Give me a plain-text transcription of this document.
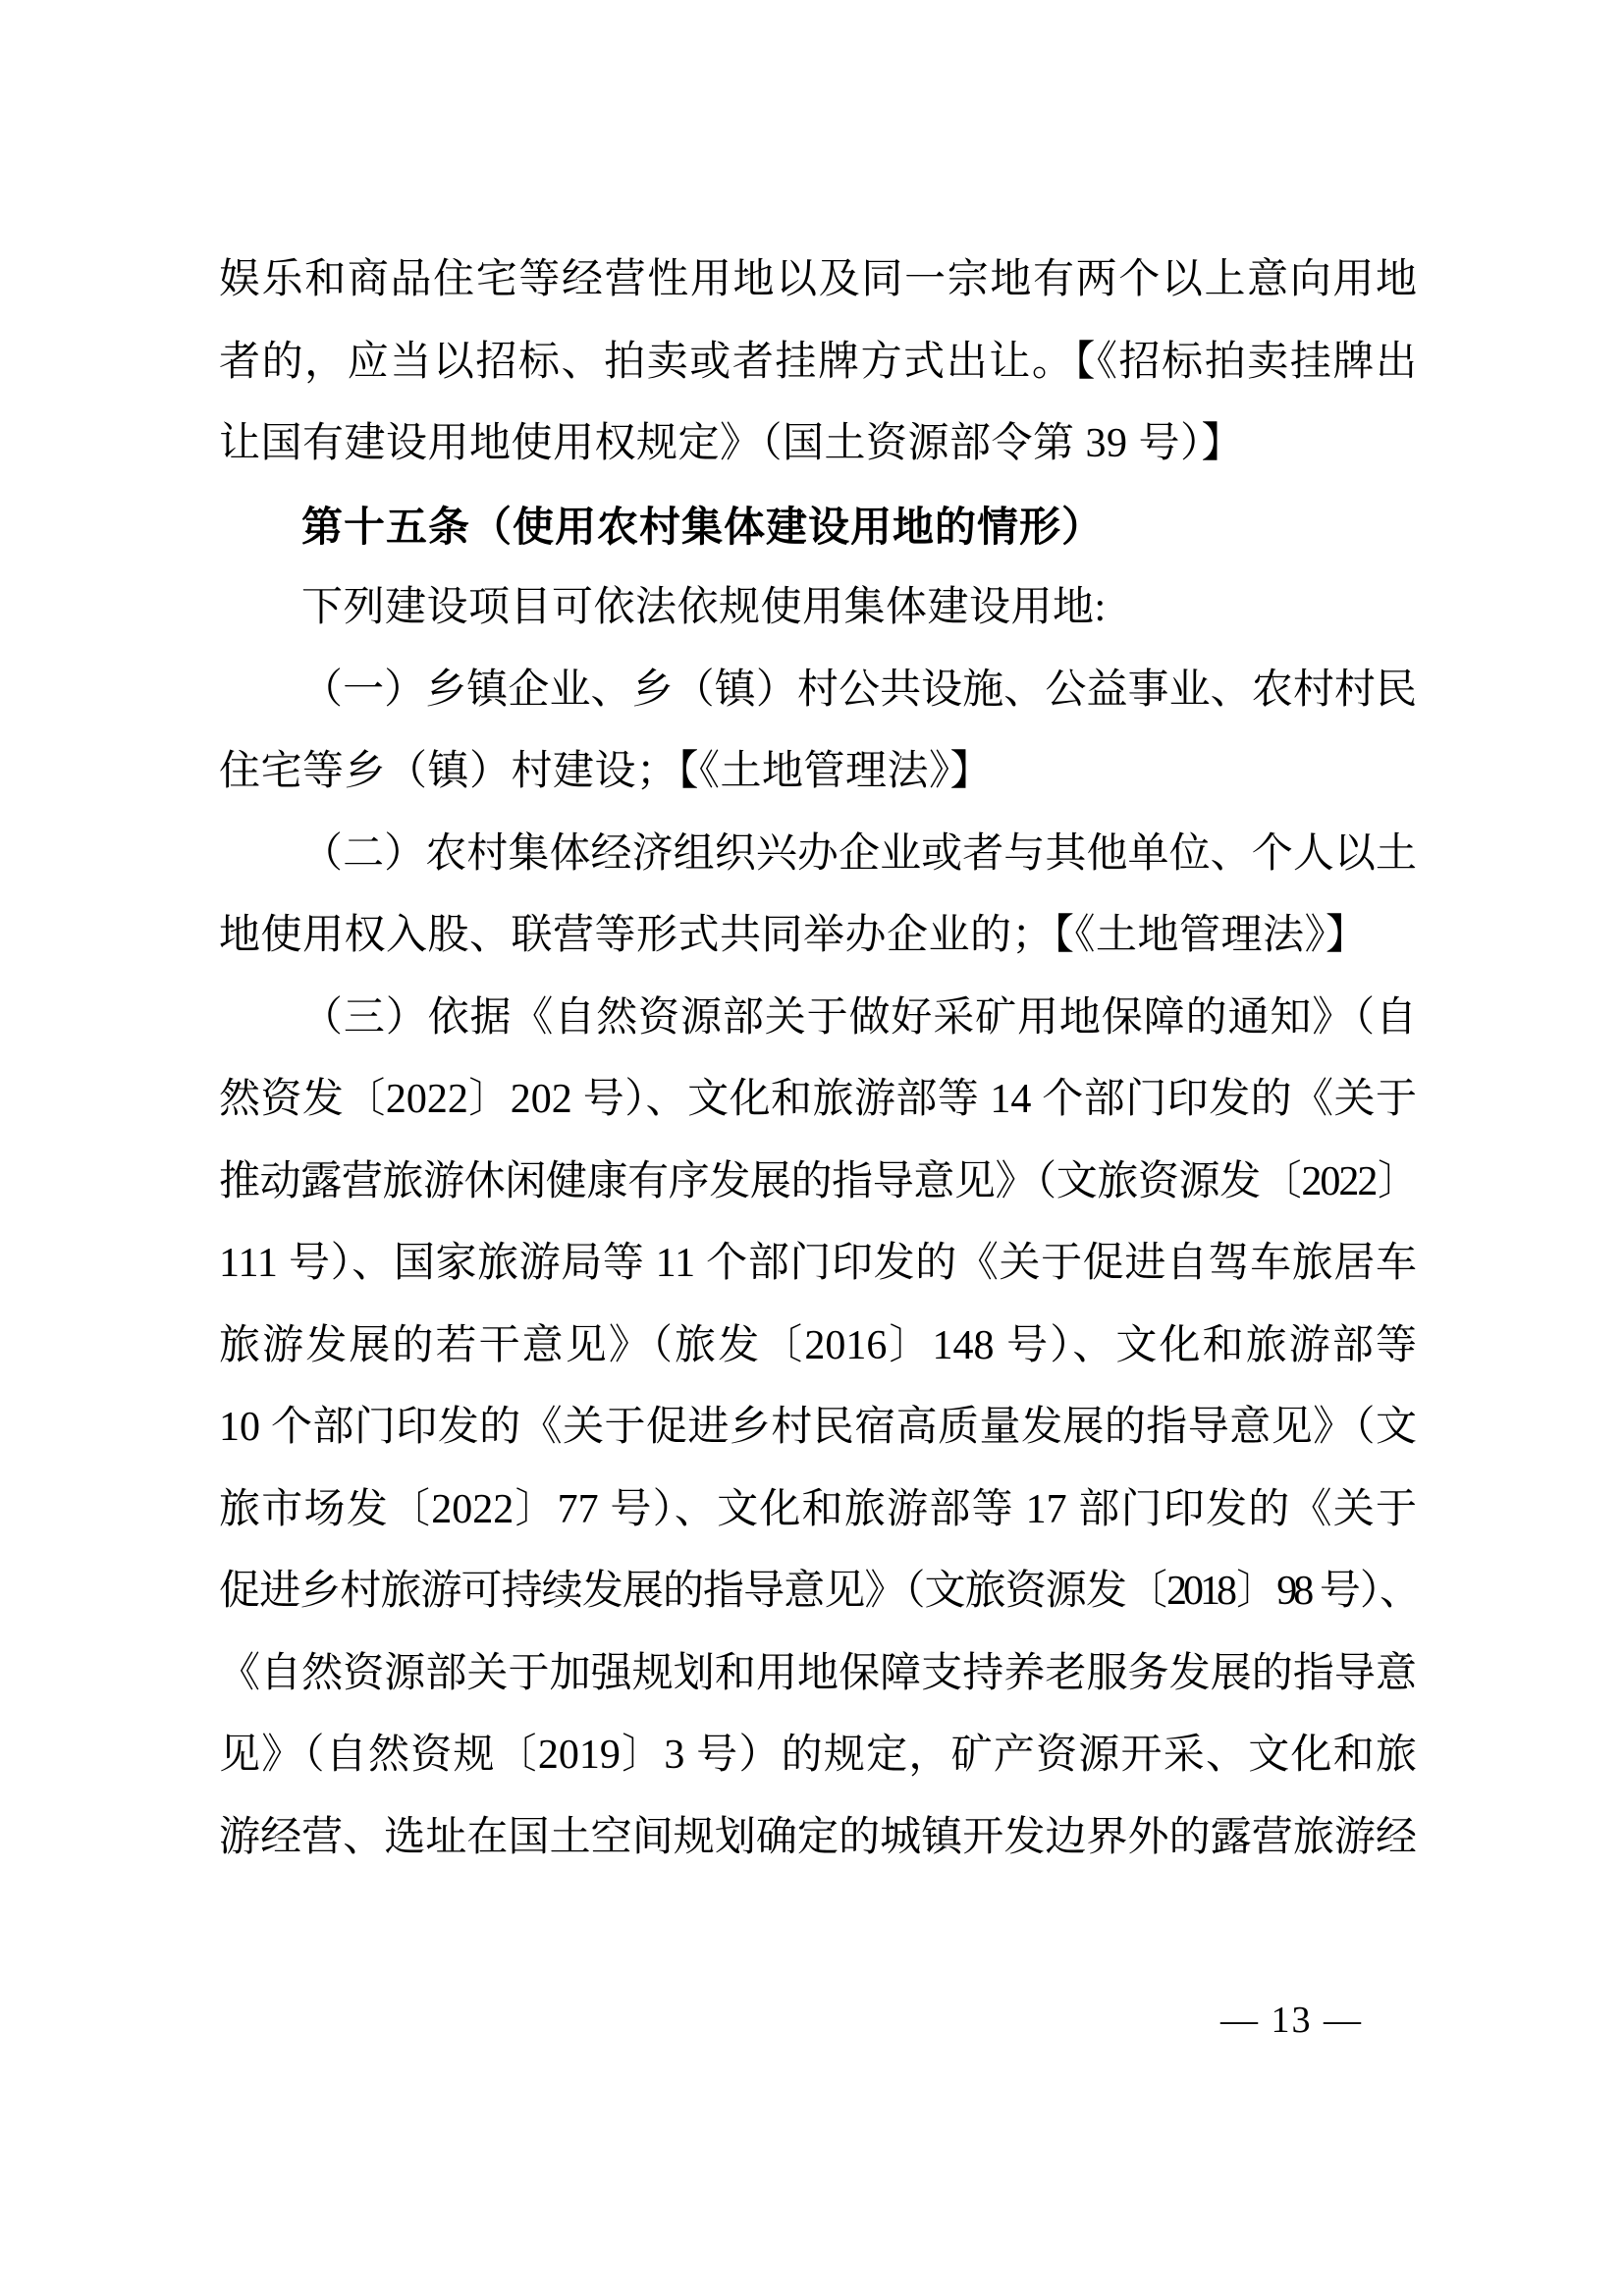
娱乐和商品住宅等经营性用地以及同一宗地有两个以上意向用地
者的，应当以招标、拍卖或者挂牌方式出让。【《招标拍卖挂牌出
让国有建设用地使用权规定》（国土资源部令第 39 号）】
第十五条（使用农村集体建设用地的情形）
下列建设项目可依法依规使用集体建设用地:
（一）乡镇企业、乡（镇）村公共设施、公益事业、农村村民
住宅等乡（镇）村建设；【《土地管理法》】
（二）农村集体经济组织兴办企业或者与其他单位、个人以土
地使用权入股、联营等形式共同举办企业的；【《土地管理法》】
（三）依据《自然资源部关于做好采矿用地保障的通知》（自
然资发〔2022〕202 号）、文化和旅游部等 14 个部门印发的《关于
推动露营旅游休闲健康有序发展的指导意见》（文旅资源发〔2022〕
111 号）、国家旅游局等 11 个部门印发的《关于促进自驾车旅居车
旅游发展的若干意见》（旅发〔2016〕148 号）、文化和旅游部等
10 个部门印发的《关于促进乡村民宿高质量发展的指导意见》（文
旅市场发〔2022〕77 号）、文化和旅游部等 17 部门印发的《关于
促进乡村旅游可持续发展的指导意见》（文旅资源发〔2018〕98 号）、
《自然资源部关于加强规划和用地保障支持养老服务发展的指导意
见》（自然资规〔2019〕3 号）的规定，矿产资源开采、文化和旅
游经营、选址在国土空间规划确定的城镇开发边界外的露营旅游经
— 13 —
